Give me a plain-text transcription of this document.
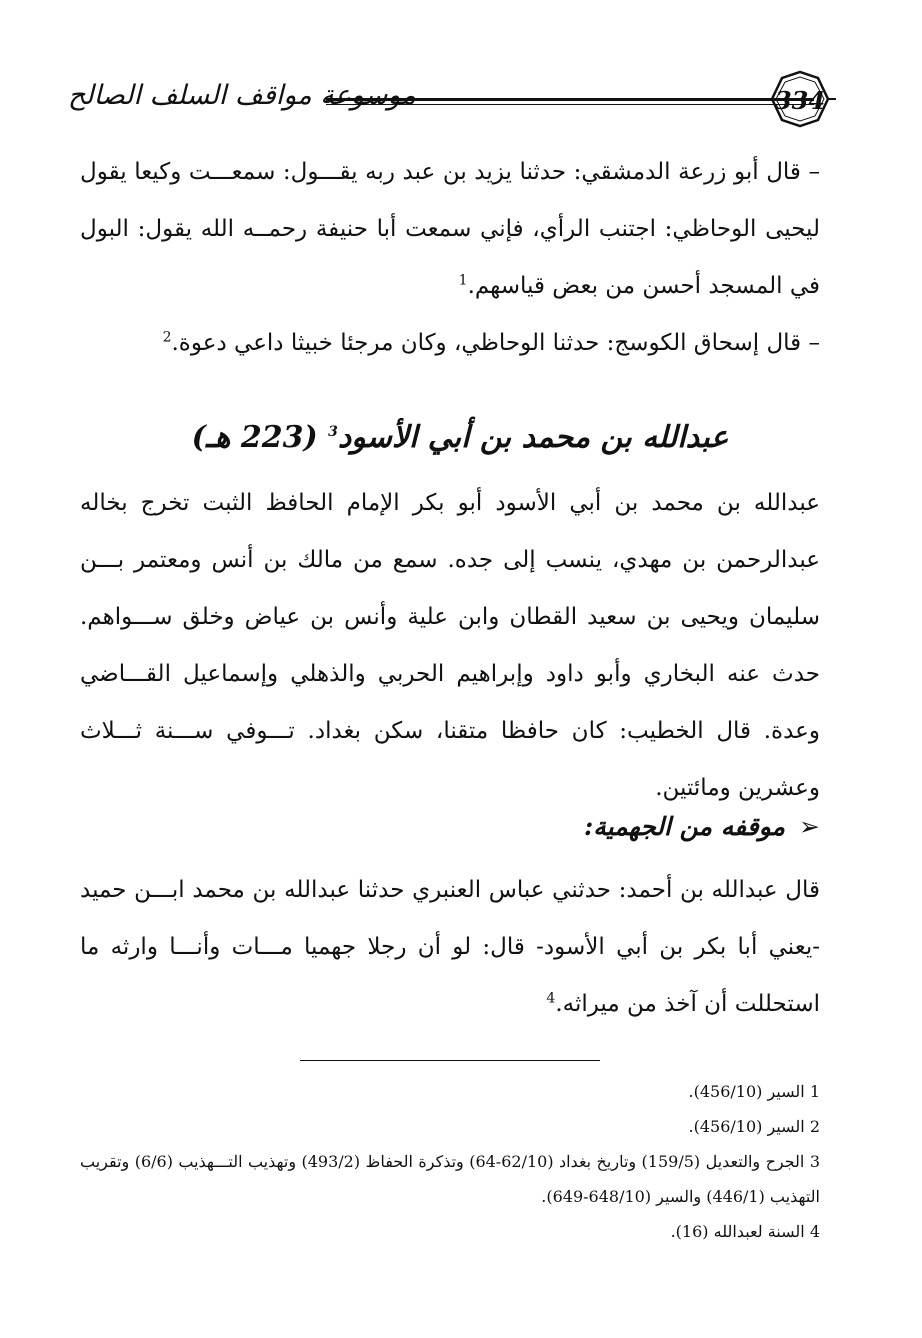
موسوعة مواقف السلف الصالح	334
– قال أبو زرعة الدمشقي: حدثنا يزيد بن عبد ربه يقـــول: سمعـــت وكيعا يقول ليحيى الوحاظي: اجتنب الرأي، فإني سمعت أبا حنيفة رحمــه الله يقول: البول في المسجد أحسن من بعض قياسهم.$^1$
– قال إسحاق الكوسج: حدثنا الوحاظي، وكان مرجئا خبيثا داعي دعوة.$^2$
عبدالله بن محمد بن أبي الأسود$^3$ (223 هـ)
عبدالله بن محمد بن أبي الأسود أبو بكر الإمام الحافظ الثبت تخرج بخاله عبدالرحمن بن مهدي، ينسب إلى جده. سمع من مالك بن أنس ومعتمر بـــن سليمان ويحيى بن سعيد القطان وابن علية وأنس بن عياض وخلق ســـواهم. حدث عنه البخاري وأبو داود وإبراهيم الحربي والذهلي وإسماعيل القـــاضي وعدة. قال الخطيب: كان حافظا متقنا، سكن بغداد. تـــوفي ســـنة ثـــلاث وعشرين ومائتين.
➢موقفه من الجهمية:
قال عبدالله بن أحمد: حدثني عباس العنبري حدثنا عبدالله بن محمد ابـــن حميد -يعني أبا بكر بن أبي الأسود- قال: لو أن رجلا جهميا مـــات وأنـــا وارثه ما استحللت أن آخذ من ميراثه.$^4$

1 السير (456/10).

2 السير (456/10).

3 الجرح والتعديل (159/5) وتاريخ بغداد (62/10-64) وتذكرة الحفاظ (493/2) وتهذيب التـــهذيب (6/6) وتقريب التهذيب (446/1) والسير (648/10-649).

4 السنة لعبدالله (16).
